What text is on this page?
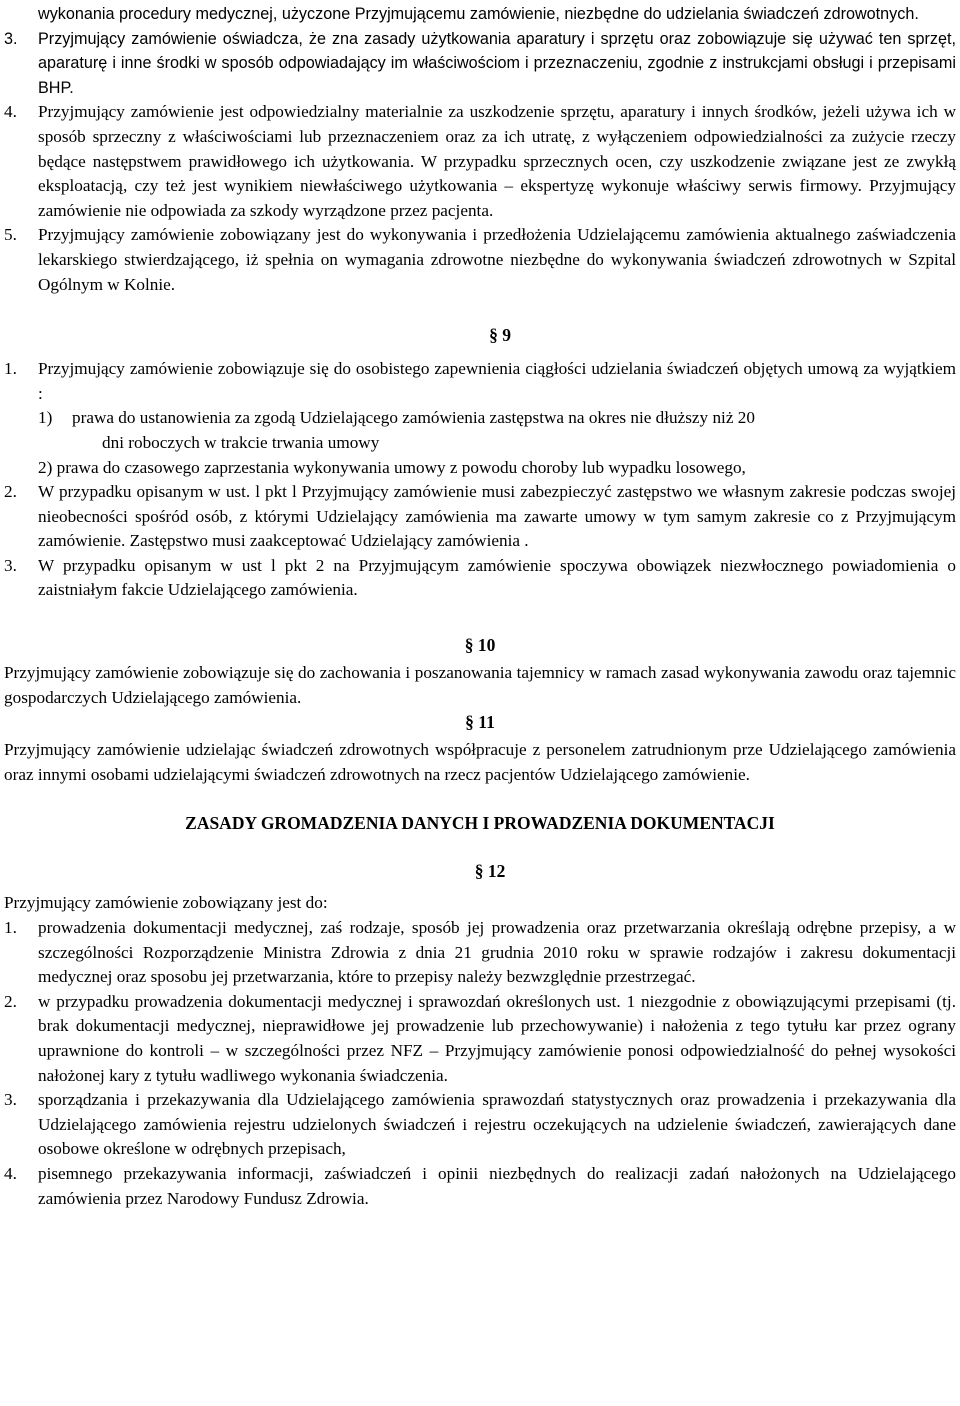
wykonania procedury medycznej, użyczone Przyjmującemu zamówienie, niezbędne do udzielania świadczeń zdrowotnych.

3.	Przyjmujący zamówienie oświadcza, że zna zasady użytkowania aparatury i sprzętu oraz zobowiązuje się używać ten sprzęt, aparaturę i inne środki w sposób odpowiadający im właściwościom i przeznaczeniu, zgodnie z instrukcjami obsługi i przepisami BHP.
4.	Przyjmujący zamówienie jest odpowiedzialny materialnie za uszkodzenie sprzętu, aparatury i innych środków, jeżeli używa ich w sposób sprzeczny z właściwościami lub przeznaczeniem oraz za ich utratę, z wyłączeniem odpowiedzialności za zużycie rzeczy będące następstwem prawidłowego ich użytkowania. W przypadku sprzecznych ocen, czy uszkodzenie związane jest ze zwykłą eksploatacją, czy też jest wynikiem niewłaściwego użytkowania – ekspertyzę wykonuje właściwy serwis firmowy. Przyjmujący zamówienie nie odpowiada za szkody wyrządzone przez pacjenta.
5.	Przyjmujący zamówienie zobowiązany jest do wykonywania i przedłożenia Udzielającemu zamówienia aktualnego zaświadczenia lekarskiego stwierdzającego, iż spełnia on wymagania zdrowotne niezbędne do wykonywania świadczeń zdrowotnych w Szpital Ogólnym w Kolnie.
§ 9
1.	Przyjmujący zamówienie zobowiązuje się do osobistego zapewnienia ciągłości udzielania świadczeń objętych umową za wyjątkiem :
1)	prawa do ustanowienia za zgodą Udzielającego zamówienia zastępstwa na okres nie dłuższy niż 20
dni roboczych w trakcie trwania umowy
2) prawa do czasowego zaprzestania wykonywania umowy z powodu choroby lub wypadku losowego,
2.	W przypadku opisanym w ust. l pkt l Przyjmujący zamówienie musi zabezpieczyć zastępstwo we własnym zakresie podczas swojej nieobecności spośród osób, z którymi Udzielający zamówienia ma zawarte umowy w tym samym zakresie co z Przyjmującym zamówienie. Zastępstwo musi zaakceptować Udzielający zamówienia .
3.	W przypadku opisanym w ust l pkt 2 na Przyjmującym zamówienie spoczywa obowiązek niezwłocznego powiadomienia o zaistniałym fakcie Udzielającego zamówienia.
§ 10

Przyjmujący zamówienie zobowiązuje się do zachowania i poszanowania tajemnicy w ramach zasad wykonywania zawodu oraz tajemnic gospodarczych Udzielającego zamówienia.

§ 11

Przyjmujący zamówienie udzielając świadczeń zdrowotnych współpracuje z personelem zatrudnionym prze Udzielającego zamówienia oraz innymi osobami udzielającymi świadczeń zdrowotnych na rzecz pacjentów Udzielającego zamówienie.

ZASADY GROMADZENIA DANYCH I PROWADZENIA DOKUMENTACJI
§ 12

Przyjmujący zamówienie zobowiązany jest do:

1.	prowadzenia dokumentacji medycznej, zaś rodzaje, sposób jej prowadzenia oraz przetwarzania określają odrębne przepisy, a w szczególności Rozporządzenie Ministra Zdrowia z dnia 21 grudnia 2010 roku w sprawie rodzajów i zakresu dokumentacji medycznej oraz sposobu jej przetwarzania, które to przepisy należy bezwzględnie przestrzegać.
2.	w przypadku prowadzenia dokumentacji medycznej i sprawozdań określonych ust. 1 niezgodnie z obowiązującymi przepisami (tj. brak dokumentacji medycznej, nieprawidłowe jej prowadzenie lub przechowywanie) i nałożenia z tego tytułu kar przez ograny uprawnione do kontroli – w szczególności przez NFZ – Przyjmujący zamówienie ponosi odpowiedzialność do pełnej wysokości nałożonej kary z tytułu wadliwego wykonania świadczenia.
3.	sporządzania i przekazywania dla Udzielającego zamówienia sprawozdań statystycznych oraz prowadzenia i przekazywania dla Udzielającego zamówienia rejestru udzielonych świadczeń i rejestru oczekujących na udzielenie świadczeń, zawierających dane osobowe określone w odrębnych przepisach,
4.	pisemnego przekazywania informacji, zaświadczeń i opinii niezbędnych do realizacji zadań nałożonych na Udzielającego zamówienia przez Narodowy Fundusz Zdrowia.
